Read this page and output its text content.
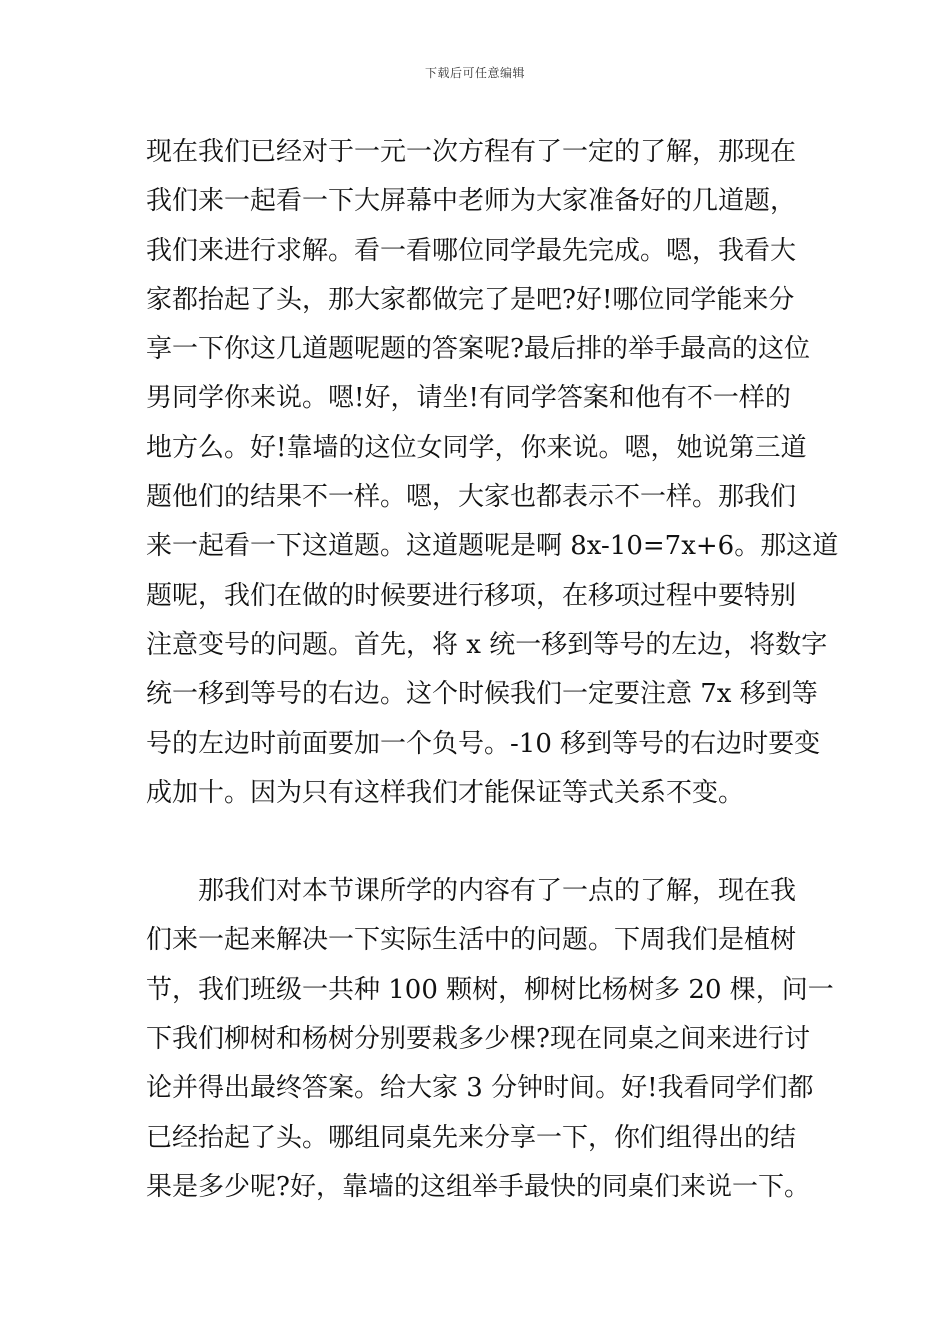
下载后可任意编辑

现在我们已经对于一元一次方程有了一定的了解，那现在
我们来一起看一下大屏幕中老师为大家准备好的几道题，
我们来进行求解。看一看哪位同学最先完成。嗯，我看大
家都抬起了头，那大家都做完了是吧?好!哪位同学能来分
享一下你这几道题呢题的答案呢?最后排的举手最高的这位
男同学你来说。嗯!好，请坐!有同学答案和他有不一样的
地方么。好!靠墙的这位女同学，你来说。嗯，她说第三道
题他们的结果不一样。嗯，大家也都表示不一样。那我们
来一起看一下这道题。这道题呢是啊 8x-10=7x+6。那这道
题呢，我们在做的时候要进行移项，在移项过程中要特别
注意变号的问题。首先，将 x 统一移到等号的左边，将数字
统一移到等号的右边。这个时候我们一定要注意 7x 移到等
号的左边时前面要加一个负号。-10 移到等号的右边时要变
成加十。因为只有这样我们才能保证等式关系不变。

那我们对本节课所学的内容有了一点的了解，现在我
们来一起来解决一下实际生活中的问题。下周我们是植树
节，我们班级一共种 100 颗树，柳树比杨树多 20 棵，问一
下我们柳树和杨树分别要栽多少棵?现在同桌之间来进行讨
论并得出最终答案。给大家 3 分钟时间。好!我看同学们都
已经抬起了头。哪组同桌先来分享一下，你们组得出的结
果是多少呢?好，靠墙的这组举手最快的同桌们来说一下。
